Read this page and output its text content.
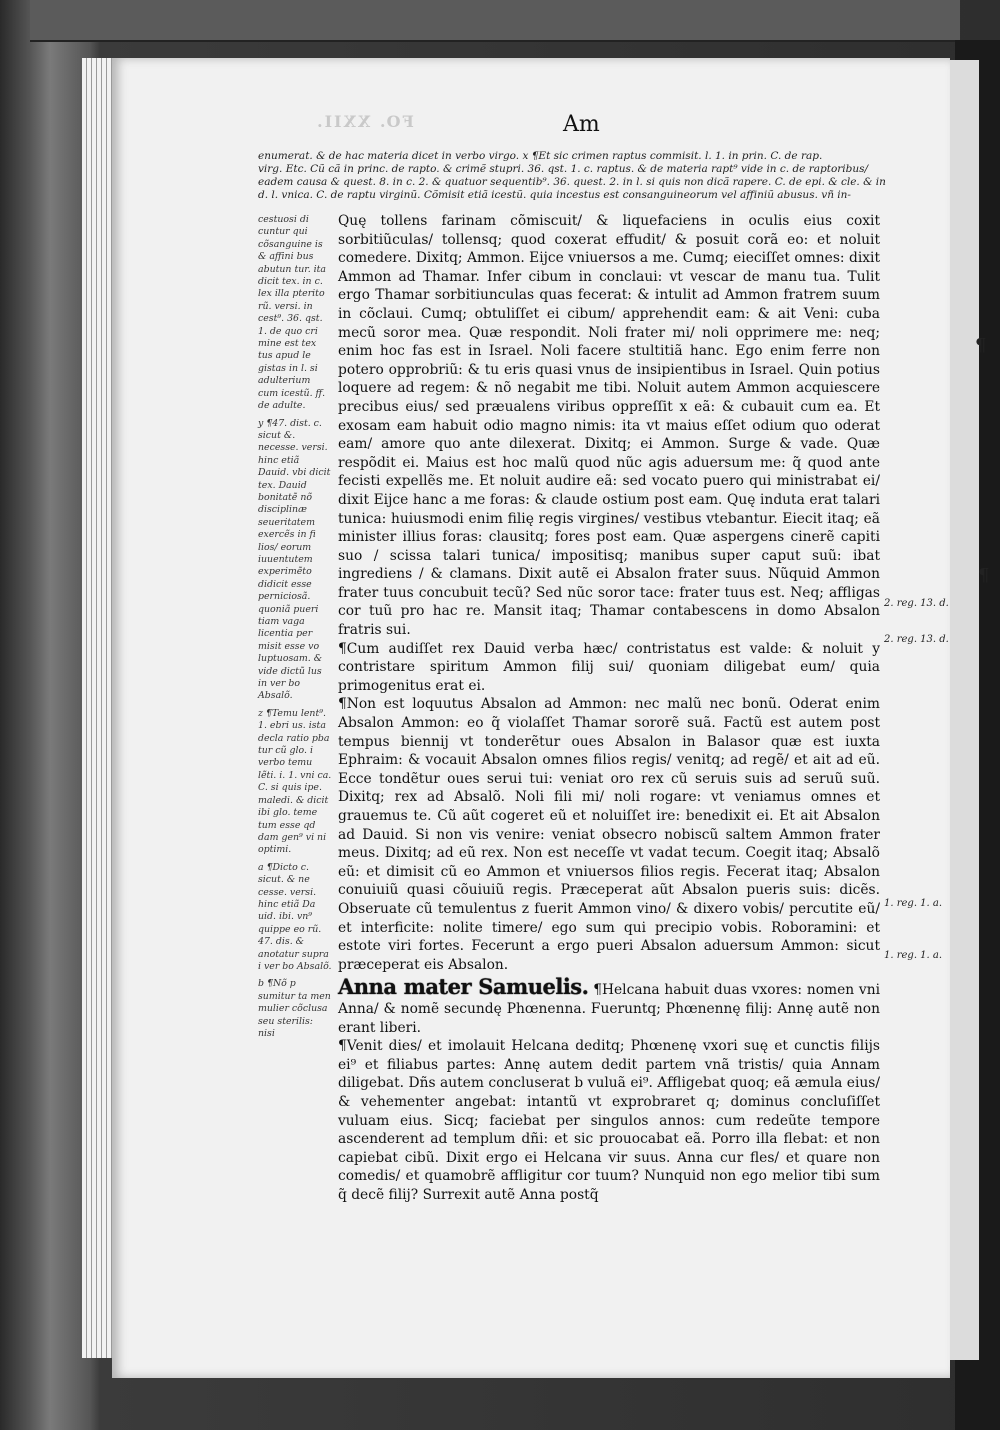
FO. XXII.	Am
enumerat. & de hac materia dicet in verbo virgo. x ¶Et sic crimen raptus commisit. l. 1. in prin. C. de rap.
virg. Etc. Cũ cã in princ. de rapto. & crimẽ stupri. 36. qst. 1. c. raptus. & de materia rapt⁹ vide in c. de raptoribus/
eadem causa & quest. 8. in c. 2. & quatuor sequentib⁹. 36. quest. 2. in l. si quis non dicã rapere. C. de epi. & cle. & in
d. l. vnica. C. de raptu virginũ. Cõmisit etiã icestũ. quia incestus est consanguineorum vel affiniũ abusus. vñ in-

cestuosi di cuntur qui cõsanguine is & affini bus abutun tur. ita dicit tex. in c. lex illa pterito rũ. versi. in cest⁹. 36. qst. 1. de quo cri mine est tex tus apud le gistas in l. si adulterium cum icestũ. ff. de adulte.

y ¶47. dist. c. sicut &. necesse. versi. hinc etiã Dauid. vbi dicit tex. Dauid bonitatẽ nõ disciplinæ seueritatem exercẽs in fi lios/ eorum iuuentutem experimẽto didicit esse perniciosã. quoniã pueri tiam vaga licentia per misit esse vo luptuosam. & vide dictũ lus in ver bo Absalõ.

z ¶Temu lent⁹. 1. ebri us. ista decla ratio pba tur cũ glo. i verbo temu lẽti. i. 1. vni ca. C. si quis ipe. maledi. & dicit ibi glo. teme tum esse qd dam gen⁹ vi ni optimi.

a ¶Dicto c. sicut. & ne cesse. versi. hinc etiã Da uid. ibi. vn⁹ quippe eo rũ. 47. dis. & anotatur supra i ver bo Absalõ.

b ¶Nõ p sumitur ta men mulier cõclusa seu sterilis: nisi

Quę tollens farinam cõmiscuit/ & liquefaciens in oculis eius coxit sorbitiũculas/ tollensq; quod coxerat effudit/ & posuit corã eo: et noluit comedere. Dixitq; Ammon. Eijce vniuersos a me. Cumq; eieciſſet omnes: dixit Ammon ad Thamar. Infer cibum in conclaui: vt vescar de manu tua. Tulit ergo Thamar sorbitiunculas quas fecerat: & intulit ad Ammon fratrem suum in cõclaui. Cumq; obtuliſſet ei cibum/ apprehendit eam: & ait Veni: cuba mecũ soror mea. Quæ respondit. Noli frater mi/ noli opprimere me: neq; enim hoc fas est in Israel. Noli facere stultitiã hanc. Ego enim ferre non potero opprobriũ: & tu eris quasi vnus de insipientibus in Israel. Quin potius loquere ad regem: & nõ negabit me tibi. Noluit autem Ammon acquiescere precibus eius/ sed præualens viribus oppreſſit x eã: & cubauit cum ea. Et exosam eam habuit odio magno nimis: ita vt maius eſſet odium quo oderat eam/ amore quo ante dilexerat. Dixitq; ei Ammon. Surge & vade. Quæ respõdit ei. Maius est hoc malũ quod nũc agis aduersum me: q̃ quod ante fecisti expellẽs me. Et noluit audire eã: sed vocato puero qui ministrabat ei/ dixit Eijce hanc a me foras: & claude ostium post eam. Quę induta erat talari tunica: huiusmodi enim filię regis virgines/ vestibus vtebantur. Eiecit itaq; eã minister illius foras: clausitq; fores post eam. Quæ aspergens cinerẽ capiti suo / scissa talari tunica/ impositisq; manibus super caput suũ: ibat ingrediens / & clamans. Dixit autẽ ei Absalon frater suus. Nũquid Ammon frater tuus concubuit tecũ? Sed nũc soror tace: frater tuus est. Neq; affligas cor tuũ pro hac re. Mansit itaq; Thamar contabescens in domo Absalon fratris sui.

¶Cum audiſſet rex Dauid verba hæc/ contristatus est valde: & noluit y contristare spiritum Ammon filij sui/ quoniam diligebat eum/ quia primogenitus erat ei.

¶Non est loquutus Absalon ad Ammon: nec malũ nec bonũ. Oderat enim Absalon Ammon: eo q̃ violaſſet Thamar sororẽ suã. Factũ est autem post tempus biennij vt tonderẽtur oues Absalon in Balasor quæ est iuxta Ephraim: & vocauit Absalon omnes filios regis/ venitq; ad regẽ/ et ait ad eũ. Ecce tondẽtur oues serui tui: veniat oro rex cũ seruis suis ad seruũ suũ. Dixitq; rex ad Absalõ. Noli fili mi/ noli rogare: vt veniamus omnes et grauemus te. Cũ aũt cogeret eũ et noluiſſet ire: benedixit ei. Et ait Absalon ad Dauid. Si non vis venire: veniat obsecro nobiscũ saltem Ammon frater meus. Dixitq; ad eũ rex. Non est neceſſe vt vadat tecum. Coegit itaq; Absalõ eũ: et dimisit cũ eo Ammon et vniuersos filios regis. Fecerat itaq; Absalon conuiuiũ quasi cõuiuiũ regis. Præceperat aũt Absalon pueris suis: dicẽs. Obseruate cũ temulentus z fuerit Ammon vino/ & dixero vobis/ percutite eũ/ et interficite: nolite timere/ ego sum qui precipio vobis. Roboramini: et estote viri fortes. Fecerunt a ergo pueri Absalon aduersum Ammon: sicut præceperat eis Absalon.

Anna mater Samuelis. ¶Helcana habuit duas vxores: nomen vni Anna/ & nomẽ secundę Phœnenna. Fueruntq; Phœnennę filij: Annę autẽ non erant liberi.

¶Venit dies/ et imolauit Helcana deditq; Phœnenę vxori suę et cunctis filijs ei⁹ et filiabus partes: Annę autem dedit partem vnã tristis/ quia Annam diligebat. Dñs autem concluserat b vuluã ei⁹. Affligebat quoq; eã æmula eius/ & vehementer angebat: intantũ vt exprobraret q; dominus concluſiſſet vuluam eius. Sicq; faciebat per singulos annos: cum redeũte tempore ascenderent ad templum dñi: et sic prouocabat eã. Porro illa flebat: et non capiebat cibũ. Dixit ergo ei Helcana vir suus. Anna cur fles/ et quare non comedis/ et quamobrẽ affligitur cor tuum? Nunquid non ego melior tibi sum q̃ decẽ filij? Surrexit autẽ Anna postq̃

2. reg. 13. d.
2. reg. 13. d.
1. reg. 1. a.
1. reg. 1. a.
¶
¶
